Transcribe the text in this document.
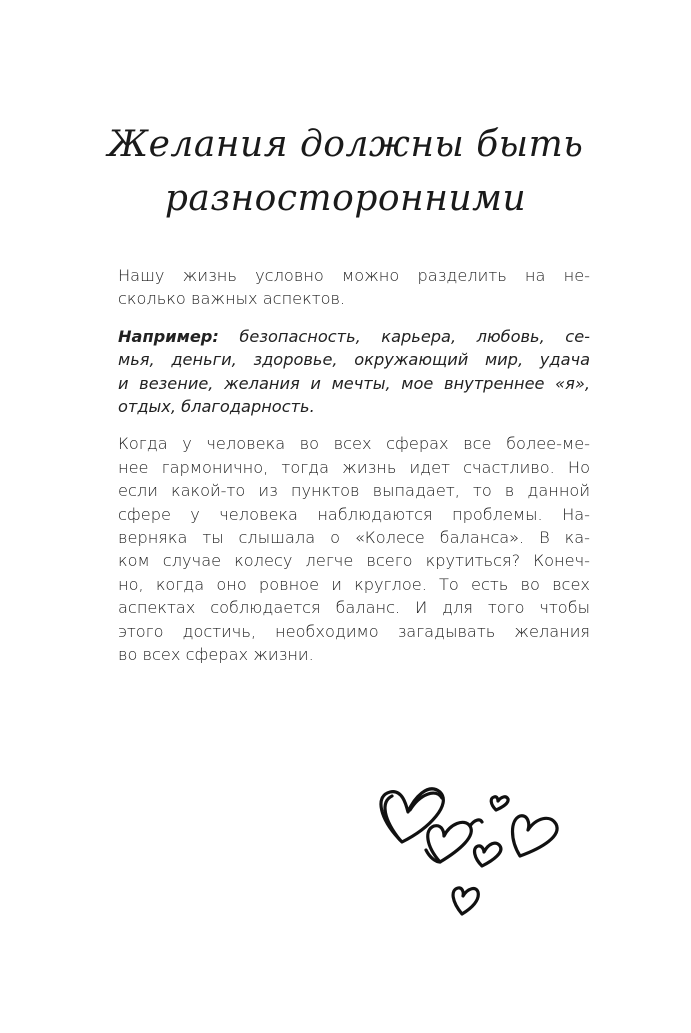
Желания должны быть
разносторонними

Нашу жизнь условно можно разделить на не-
сколько важных аспектов.

Например: безопасность, карьера, любовь, се-
мья, деньги, здоровье, окружающий мир, удача
и везение, желания и мечты, мое внутреннее «я»,
отдых, благодарность.

Когда у человека во всех сферах все более-ме-
нее гармонично, тогда жизнь идет счастливо. Но
если какой-то из пунктов выпадает, то в данной
сфере у человека наблюдаются проблемы. На-
верняка ты слышала о «Колесе баланса». В ка-
ком случае колесу легче всего крутиться? Конеч-
но, когда оно ровное и круглое. То есть во всех
аспектах соблюдается баланс. И для того чтобы
этого достичь, необходимо загадывать желания
во всех сферах жизни.
